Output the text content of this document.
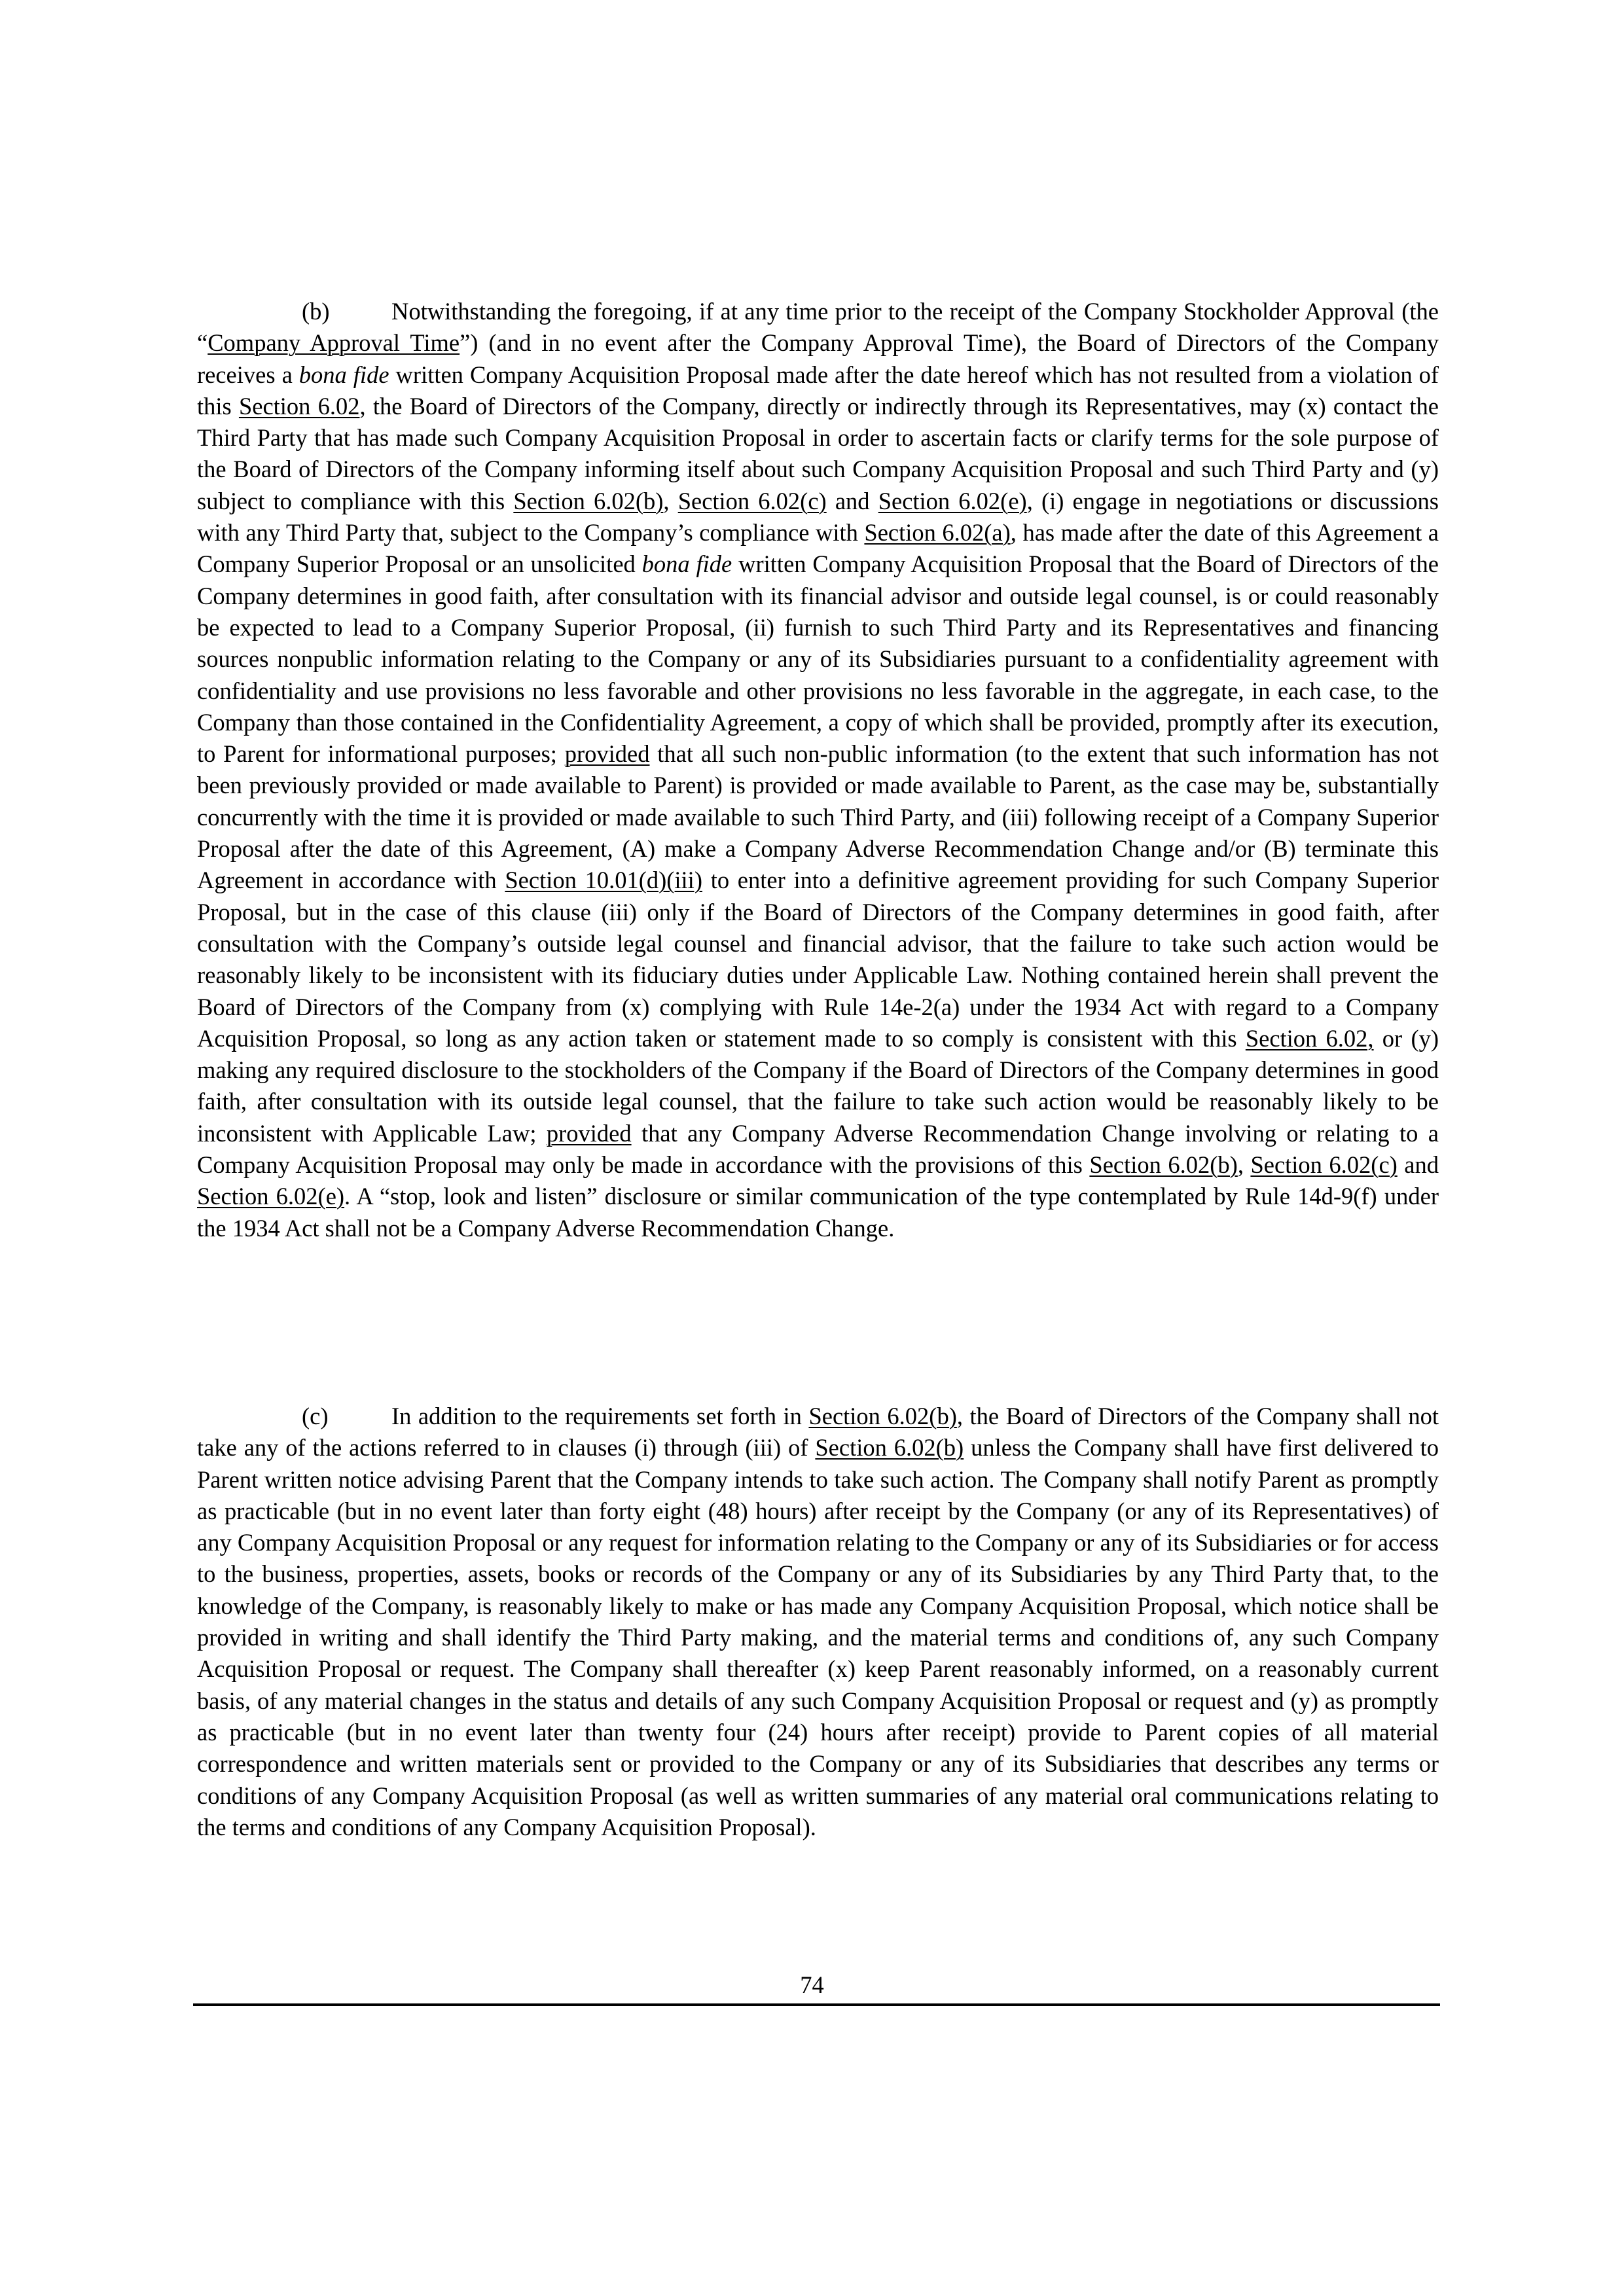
(b)	Notwithstanding the foregoing, if at any time prior to the receipt of the Company Stockholder Approval (the “Company Approval Time”) (and in no event after the Company Approval Time), the Board of Directors of the Company receives a bona fide written Company Acquisition Proposal made after the date hereof which has not resulted from a violation of this Section 6.02, the Board of Directors of the Company, directly or indirectly through its Representatives, may (x) contact the Third Party that has made such Company Acquisition Proposal in order to ascertain facts or clarify terms for the sole purpose of the Board of Directors of the Company informing itself about such Company Acquisition Proposal and such Third Party and (y) subject to compliance with this Section 6.02(b), Section 6.02(c) and Section 6.02(e), (i) engage in negotiations or discussions with any Third Party that, subject to the Company’s compliance with Section 6.02(a), has made after the date of this Agreement a Company Superior Proposal or an unsolicited bona fide written Company Acquisition Proposal that the Board of Directors of the Company determines in good faith, after consultation with its financial advisor and outside legal counsel, is or could reasonably be expected to lead to a Company Superior Proposal, (ii) furnish to such Third Party and its Representatives and financing sources nonpublic information relating to the Company or any of its Subsidiaries pursuant to a confidentiality agreement with confidentiality and use provisions no less favorable and other provisions no less favorable in the aggregate, in each case, to the Company than those contained in the Confidentiality Agreement, a copy of which shall be provided, promptly after its execution, to Parent for informational purposes; provided that all such non-public information (to the extent that such information has not been previously provided or made available to Parent) is provided or made available to Parent, as the case may be, substantially concurrently with the time it is provided or made available to such Third Party, and (iii) following receipt of a Company Superior Proposal after the date of this Agreement, (A) make a Company Adverse Recommendation Change and/or (B) terminate this Agreement in accordance with Section 10.01(d)(iii) to enter into a definitive agreement providing for such Company Superior Proposal, but in the case of this clause (iii) only if the Board of Directors of the Company determines in good faith, after consultation with the Company’s outside legal counsel and financial advisor, that the failure to take such action would be reasonably likely to be inconsistent with its fiduciary duties under Applicable Law. Nothing contained herein shall prevent the Board of Directors of the Company from (x) complying with Rule 14e-2(a) under the 1934 Act with regard to a Company Acquisition Proposal, so long as any action taken or statement made to so comply is consistent with this Section 6.02, or (y) making any required disclosure to the stockholders of the Company if the Board of Directors of the Company determines in good faith, after consultation with its outside legal counsel, that the failure to take such action would be reasonably likely to be inconsistent with Applicable Law; provided that any Company Adverse Recommendation Change involving or relating to a Company Acquisition Proposal may only be made in accordance with the provisions of this Section 6.02(b), Section 6.02(c) and Section 6.02(e). A “stop, look and listen” disclosure or similar communication of the type contemplated by Rule 14d-9(f) under the 1934 Act shall not be a Company Adverse Recommendation Change.

(c)	In addition to the requirements set forth in Section 6.02(b), the Board of Directors of the Company shall not take any of the actions referred to in clauses (i) through (iii) of Section 6.02(b) unless the Company shall have first delivered to Parent written notice advising Parent that the Company intends to take such action. The Company shall notify Parent as promptly as practicable (but in no event later than forty eight (48) hours) after receipt by the Company (or any of its Representatives) of any Company Acquisition Proposal or any request for information relating to the Company or any of its Subsidiaries or for access to the business, properties, assets, books or records of the Company or any of its Subsidiaries by any Third Party that, to the knowledge of the Company, is reasonably likely to make or has made any Company Acquisition Proposal, which notice shall be provided in writing and shall identify the Third Party making, and the material terms and conditions of, any such Company Acquisition Proposal or request. The Company shall thereafter (x) keep Parent reasonably informed, on a reasonably current basis, of any material changes in the status and details of any such Company Acquisition Proposal or request and (y) as promptly as practicable (but in no event later than twenty four (24) hours after receipt) provide to Parent copies of all material correspondence and written materials sent or provided to the Company or any of its Subsidiaries that describes any terms or conditions of any Company Acquisition Proposal (as well as written summaries of any material oral communications relating to the terms and conditions of any Company Acquisition Proposal).

74
